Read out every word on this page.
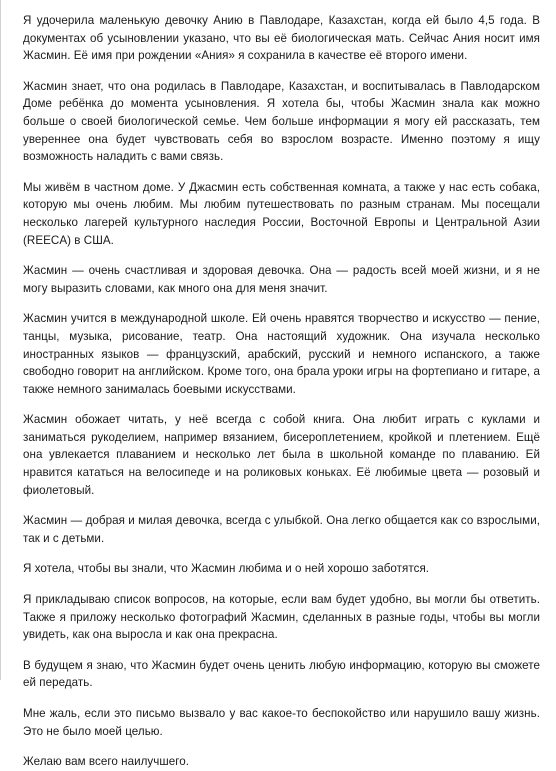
Я удочерила маленькую девочку Анию в Павлодаре, Казахстан, когда ей было 4,5 года. В документах об усыновлении указано, что вы её биологическая мать. Сейчас Ания носит имя Жасмин. Её имя при рождении «Ания» я сохранила в качестве её второго имени.

Жасмин знает, что она родилась в Павлодаре, Казахстан, и воспитывалась в Павлодарском Доме ребёнка до момента усыновления. Я хотела бы, чтобы Жасмин знала как можно больше о своей биологической семье. Чем больше информации я могу ей рассказать, тем увереннее она будет чувствовать себя во взрослом возрасте. Именно поэтому я ищу возможность наладить с вами связь.

Мы живём в частном доме. У Джасмин есть собственная комната, а также у нас есть собака, которую мы очень любим. Мы любим путешествовать по разным странам. Мы посещали несколько лагерей культурного наследия России, Восточной Европы и Центральной Азии (REECA) в США.

Жасмин — очень счастливая и здоровая девочка. Она — радость всей моей жизни, и я не могу выразить словами, как много она для меня значит.

Жасмин учится в международной школе. Ей очень нравятся творчество и искусство — пение, танцы, музыка, рисование, театр. Она настоящий художник. Она изучала несколько иностранных языков — французский, арабский, русский и немного испанского, а также свободно говорит на английском. Кроме того, она брала уроки игры на фортепиано и гитаре, а также немного занималась боевыми искусствами.

Жасмин обожает читать, у неё всегда с собой книга. Она любит играть с куклами и заниматься рукоделием, например вязанием, бисероплетением, кройкой и плетением. Ещё она увлекается плаванием и несколько лет была в школьной команде по плаванию. Ей нравится кататься на велосипеде и на роликовых коньках. Её любимые цвета — розовый и фиолетовый.

Жасмин — добрая и милая девочка, всегда с улыбкой. Она легко общается как со взрослыми, так и с детьми.

Я хотела, чтобы вы знали, что Жасмин любима и о ней хорошо заботятся.

Я прикладываю список вопросов, на которые, если вам будет удобно, вы могли бы ответить. Также я приложу несколько фотографий Жасмин, сделанных в разные годы, чтобы вы могли увидеть, как она выросла и как она прекрасна.

В будущем я знаю, что Жасмин будет очень ценить любую информацию, которую вы сможете ей передать.

Мне жаль, если это письмо вызвало у вас какое-то беспокойство или нарушило вашу жизнь. Это не было моей целью.

Желаю вам всего наилучшего.
